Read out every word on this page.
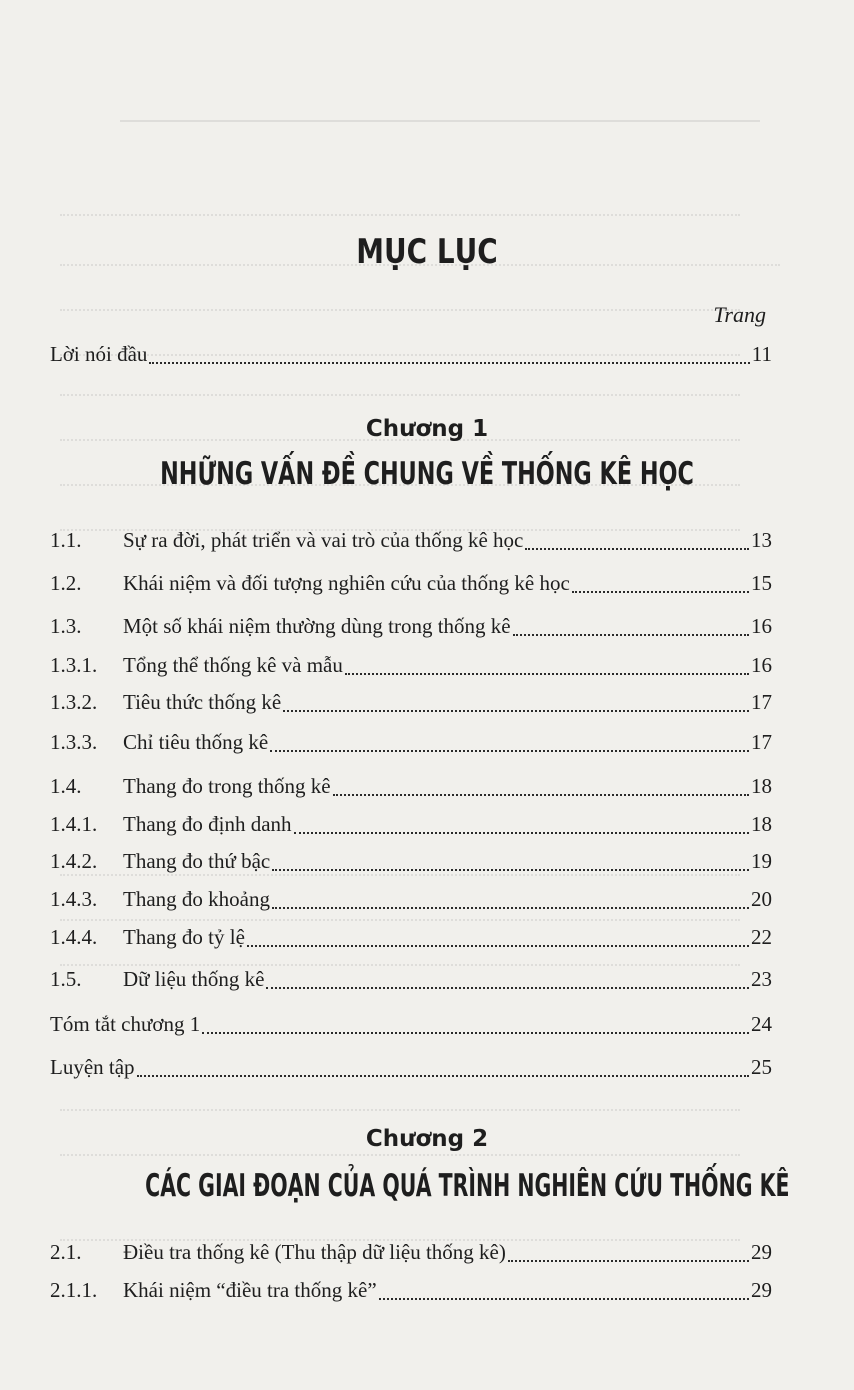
MỤC LỤC
Trang
Lời nói đầu	11
Chương 1
NHỮNG VẤN ĐỀ CHUNG VỀ THỐNG KÊ HỌC
1.1.	Sự ra đời, phát triển và vai trò của thống kê học	13
1.2.	Khái niệm và đối tượng nghiên cứu của thống kê học	15
1.3.	Một số khái niệm thường dùng trong thống kê	16
1.3.1.	Tổng thể thống kê và mẫu	16
1.3.2.	Tiêu thức thống kê	17
1.3.3.	Chỉ tiêu thống kê	17
1.4.	Thang đo trong thống kê	18
1.4.1.	Thang đo định danh	18
1.4.2.	Thang đo thứ bậc	19
1.4.3.	Thang đo khoảng	20
1.4.4.	Thang đo tỷ lệ	22
1.5.	Dữ liệu thống kê	23
Tóm tắt chương 1	24
Luyện tập	25
Chương 2
CÁC GIAI ĐOẠN CỦA QUÁ TRÌNH NGHIÊN CỨU THỐNG KÊ
2.1.	Điều tra thống kê (Thu thập dữ liệu thống kê)	29
2.1.1.	Khái niệm “điều tra thống kê”	29
